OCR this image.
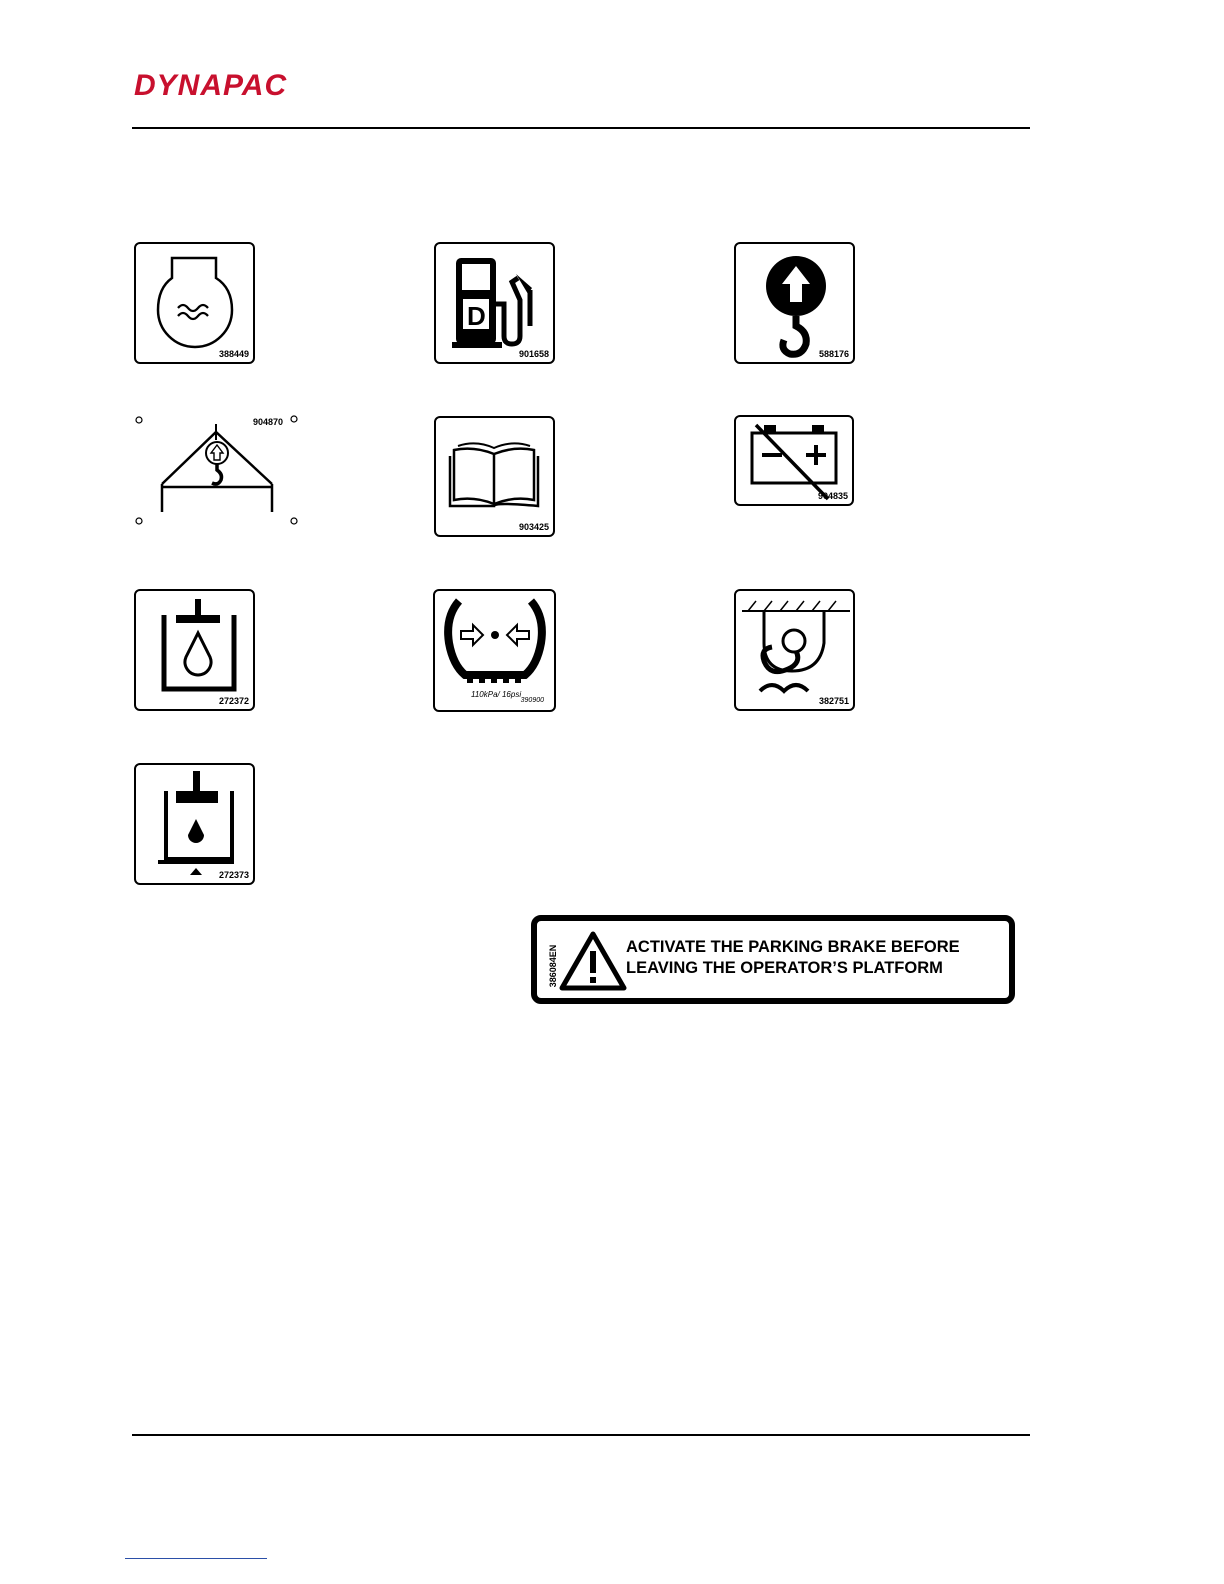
DYNAPAC
388449
D
901658	588176
904870
903425
904835
272372
110kPa/ 16psi
390900	382751
272373
386084EN	ACTIVATE THE PARKING BRAKE BEFORE
LEAVING THE OPERATOR’S PLATFORM
